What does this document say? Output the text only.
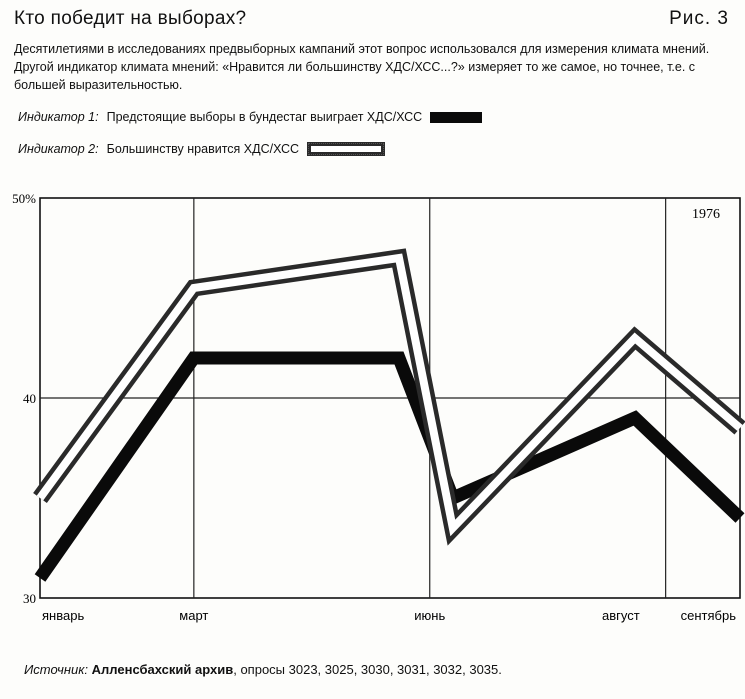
Кто победит на выборах?	Рис. 3
Десятилетиями в исследованиях предвыборных кампаний этот вопрос использовался для измерения климата мнений. Другой индикатор климата мнений: «Нравится ли большинству ХДС/ХСС...?» измеряет то же самое, но точнее, т.е. с большей выразительностью.
Индикатор 1: Предстоящие выборы в бундестаг выиграет ХДС/ХСС
Индикатор 2: Большинству нравится ХДС/ХСС
30
40
50%
январь	март	июнь	август	сентябрь
1976
Источник: Алленсбахский архив, опросы 3023, 3025, 3030, 3031, 3032, 3035.
